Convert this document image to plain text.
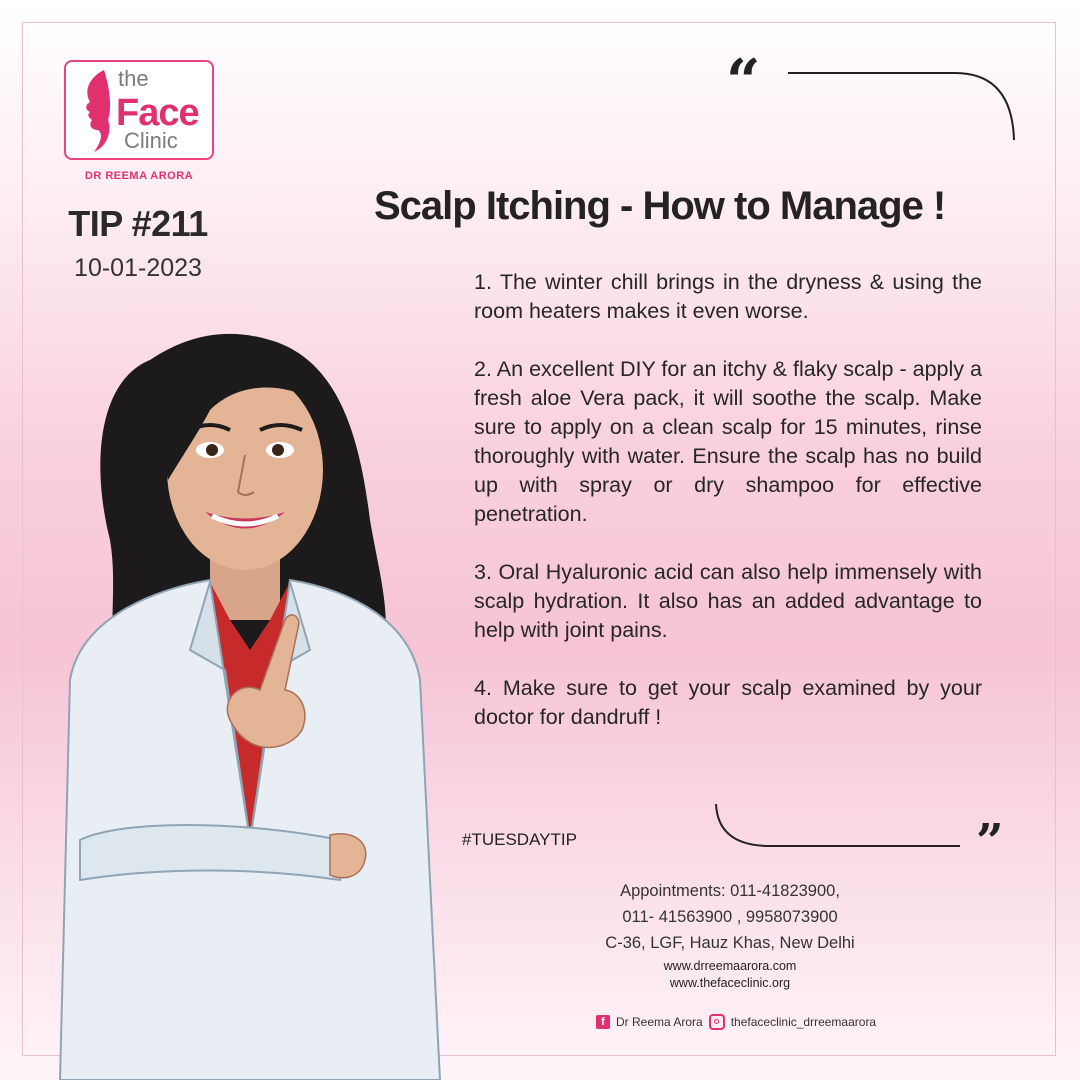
“
”
the
Face
Clinic
DR REEMA ARORA
TIP #211
10-01-2023
Scalp Itching - How to Manage !

1. The winter chill brings in the dryness & using the room heaters makes it even worse.

2. An excellent DIY for an itchy & flaky scalp - apply a fresh aloe Vera pack, it will soothe the scalp. Make sure to apply on a clean scalp for 15 minutes, rinse thoroughly with water. Ensure the scalp has no build up with spray or dry shampoo for effective penetration.

3. Oral Hyaluronic acid can also help immensely with scalp hydration. It also has an added advantage to help with joint pains.

4. Make sure to get your scalp examined by your doctor for dandruff !

#TUESDAYTIP
Appointments: 011-41823900,
011- 41563900 , 9958073900
C-36, LGF, Hauz Khas, New Delhi
www.drreemaarora.com
www.thefaceclinic.org
f Dr Reema Arora thefaceclinic_drreemaarora
